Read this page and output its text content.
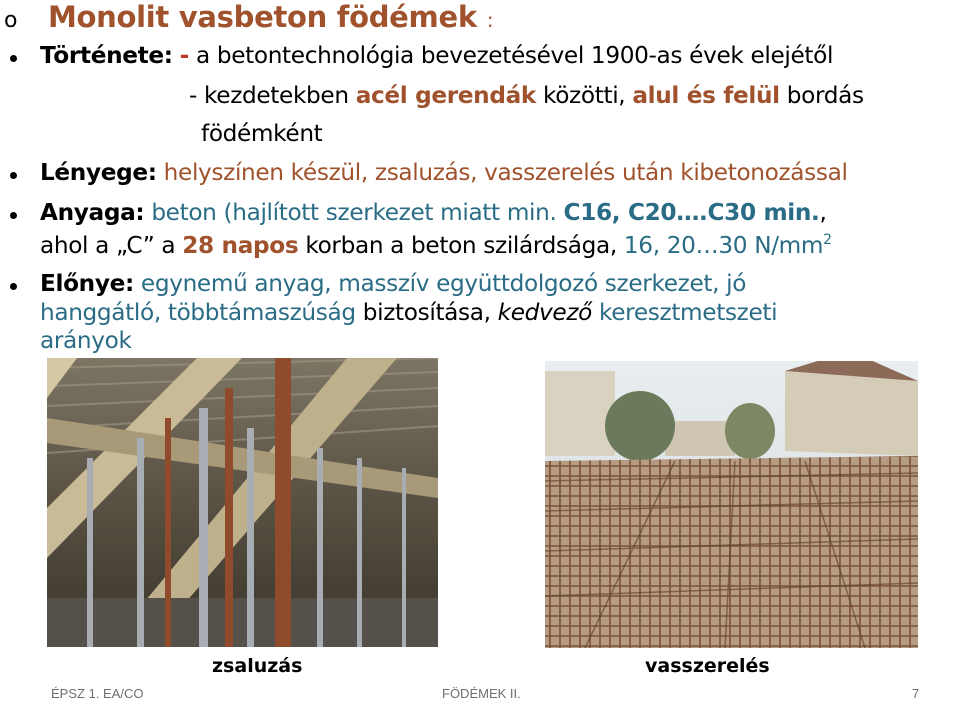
o	Monolit vasbeton födémek :
Története: - a betontechnológia bevezetésével 1900-as évek elejétől
- kezdetekben acél gerendák közötti, alul és felül bordás
födémként
Lényege: helyszínen készül, zsaluzás, vasszerelés után kibetonozással
Anyaga: beton (hajlított szerkezet miatt min. C16, C20….C30 min.,
ahol a „C” a 28 napos korban a beton szilárdsága, 16, 20…30 $N/mm^2$
Előnye: egynemű anyag, masszív együttdolgozó szerkezet, jó
hanggátló, többtámaszúság biztosítása, kedvező keresztmetszeti
arányok
zsaluzás	vasszerelés
ÉPSZ 1. EA/CO	FÖDÉMEK II.	7
